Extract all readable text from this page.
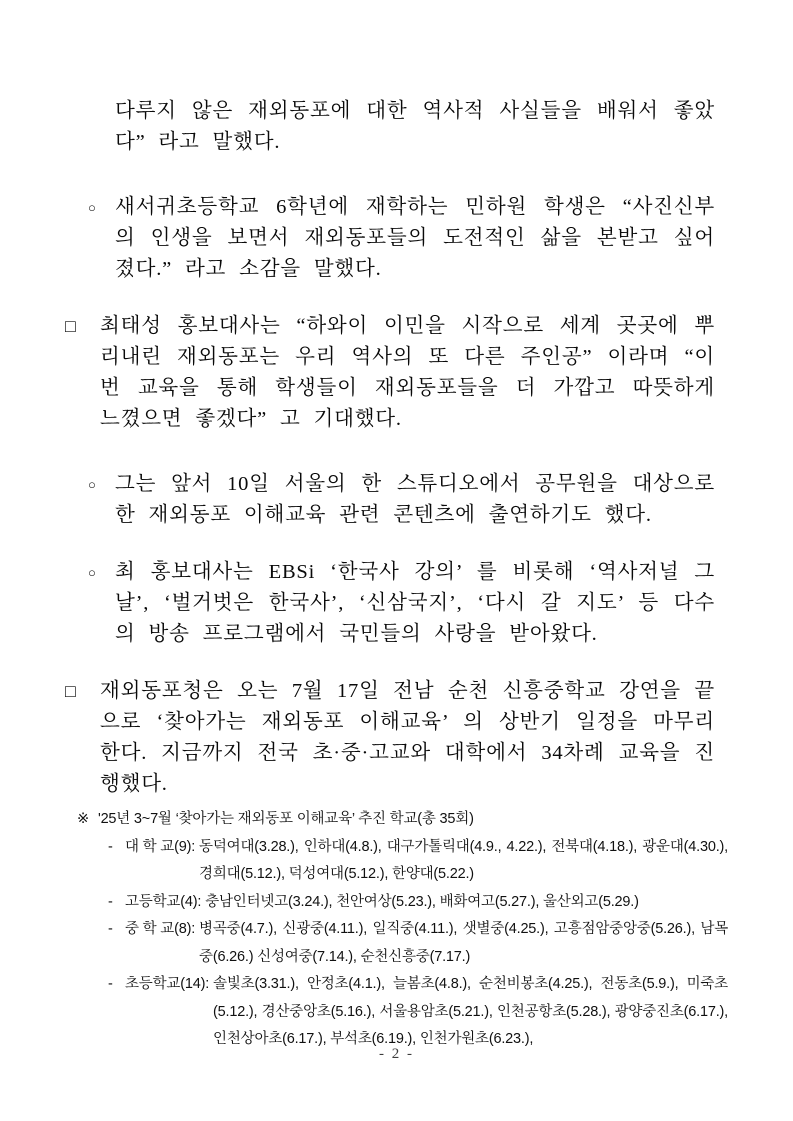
다루지 않은 재외동포에 대한 역사적 사실들을 배워서 좋았다” 라고 말했다.
○ 새서귀초등학교 6학년에 재학하는 민하원 학생은 “사진신부의 인생을 보면서 재외동포들의 도전적인 삶을 본받고 싶어졌다.” 라고 소감을 말했다.
□ 최태성 홍보대사는 “하와이 이민을 시작으로 세계 곳곳에 뿌리내린 재외동포는 우리 역사의 또 다른 주인공” 이라며 “이번 교육을 통해 학생들이 재외동포들을 더 가깝고 따뜻하게 느꼈으면 좋겠다” 고 기대했다.
○ 그는 앞서 10일 서울의 한 스튜디오에서 공무원을 대상으로 한 재외동포 이해교육 관련 콘텐츠에 출연하기도 했다.
○ 최 홍보대사는 EBSi ‘한국사 강의’ 를 비롯해 ‘역사저널 그날’, ‘벌거벗은 한국사’, ‘신삼국지’, ‘다시 갈 지도’ 등 다수의 방송 프로그램에서 국민들의 사랑을 받아왔다.
□ 재외동포청은 오는 7월 17일 전남 순천 신흥중학교 강연을 끝으로 ‘찾아가는 재외동포 이해교육’ 의 상반기 일정을 마무리한다. 지금까지 전국 초·중·고교와 대학에서 34차례 교육을 진행했다.
※ '25년 3~7월 ‘찾아가는 재외동포 이해교육’ 추진 학교(총 35회)
- 대 학 교(9): 동덕여대(3.28.), 인하대(4.8.), 대구가톨릭대(4.9., 4.22.), 전북대(4.18.), 광운대(4.30.), 경희대(5.12.), 덕성여대(5.12.), 한양대(5.22.)
- 고등학교(4): 충남인터넷고(3.24.), 천안여상(5.23.), 배화여고(5.27.), 울산외고(5.29.)
- 중 학 교(8): 병곡중(4.7.), 신광중(4.11.), 일직중(4.11.), 샛별중(4.25.), 고흥점암중앙중(5.26.), 남목중(6.26.) 신성여중(7.14.), 순천신흥중(7.17.)
- 초등학교(14): 솔빛초(3.31.), 안정초(4.1.), 늘봄초(4.8.), 순천비봉초(4.25.), 전동초(5.9.), 미죽초(5.12.), 경산중앙초(5.16.), 서울용암초(5.21.), 인천공항초(5.28.), 광양중진초(6.17.), 인천상아초(6.17.), 부석초(6.19.), 인천가원초(6.23.),
- 2 -
